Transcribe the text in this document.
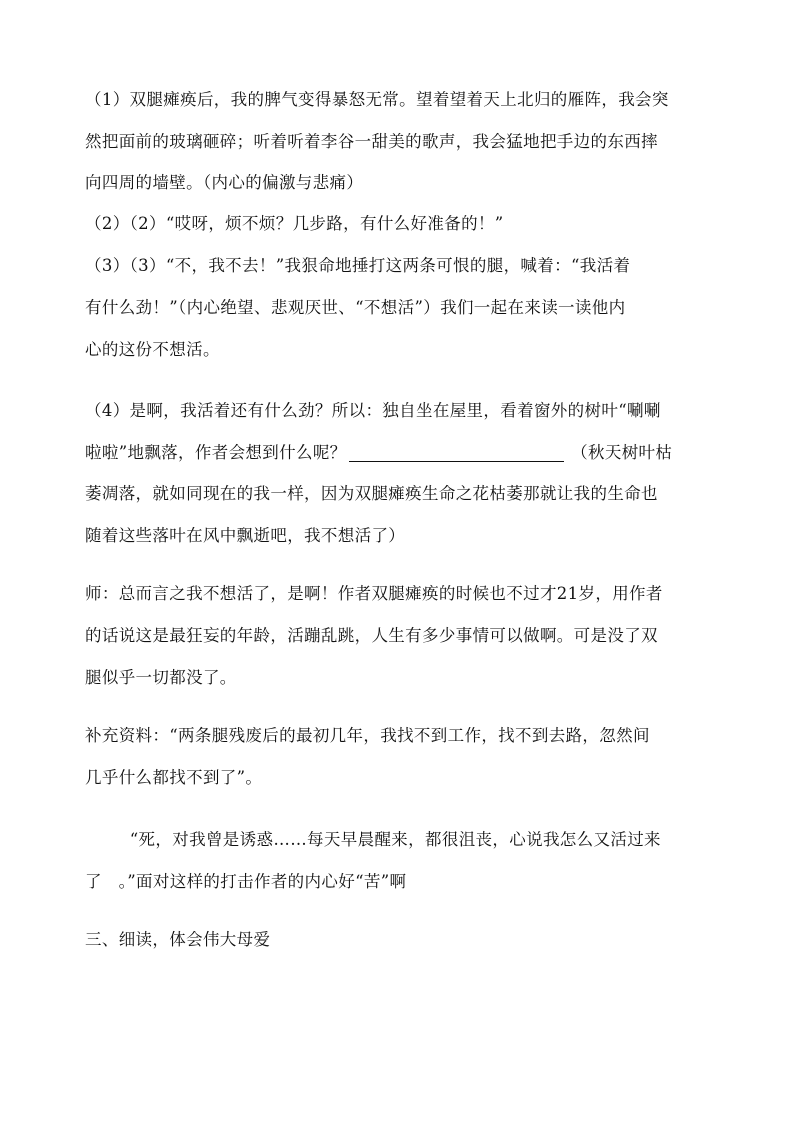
（1）双腿瘫痪后，我的脾气变得暴怒无常。望着望着天上北归的雁阵，我会突

然把面前的玻璃砸碎；听着听着李谷一甜美的歌声，我会猛地把手边的东西摔

向四周的墙壁。（内心的偏激与悲痛）

（2）（2）“哎呀，烦不烦？几步路，有什么好准备的！”

（3）（3）“不，我不去！”我狠命地捶打这两条可恨的腿，喊着：“我活着

有什么劲！”（内心绝望、悲观厌世、“不想活”）我们一起在来读一读他内

心的这份不想活。

（4）是啊，我活着还有什么劲？所以：独自坐在屋里，看着窗外的树叶“唰唰

啦啦”地飘落，作者会想到什么呢？	（秋天树叶枯

萎凋落，就如同现在的我一样，因为双腿瘫痪生命之花枯萎那就让我的生命也

随着这些落叶在风中飘逝吧，我不想活了）

师：总而言之我不想活了，是啊！作者双腿瘫痪的时候也不过才21岁，用作者

的话说这是最狂妄的年龄，活蹦乱跳，人生有多少事情可以做啊。可是没了双

腿似乎一切都没了。

补充资料：“两条腿残废后的最初几年，我找不到工作，找不到去路，忽然间

几乎什么都找不到了”。

“死，对我曾是诱惑……每天早晨醒来，都很沮丧，心说我怎么又活过来

了   。”面对这样的打击作者的内心好“苦”啊

三、细读，体会伟大母爱
